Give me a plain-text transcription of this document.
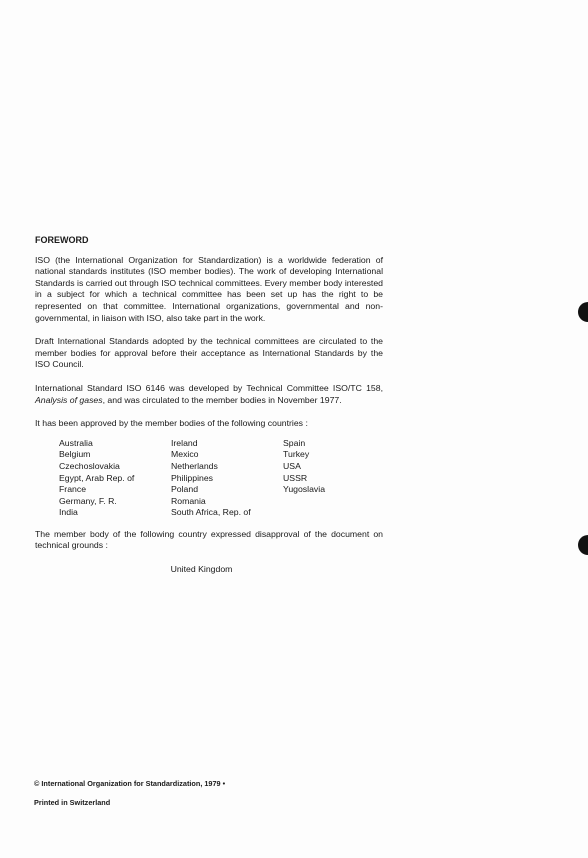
FOREWORD

ISO (the International Organization for Standardization) is a worldwide federation of national standards institutes (ISO member bodies). The work of developing International Standards is carried out through ISO technical committees. Every member body interested in a subject for which a technical committee has been set up has the right to be represented on that committee. International organizations, governmental and non-governmental, in liaison with ISO, also take part in the work.

Draft International Standards adopted by the technical committees are circulated to the member bodies for approval before their acceptance as International Standards by the ISO Council.

International Standard ISO 6146 was developed by Technical Committee ISO/TC 158, Analysis of gases, and was circulated to the member bodies in November 1977.

It has been approved by the member bodies of the following countries :

Australia
Belgium
Czechoslovakia
Egypt, Arab Rep. of
France
Germany, F. R.
India
Ireland
Mexico
Netherlands
Philippines
Poland
Romania
South Africa, Rep. of
Spain
Turkey
USA
USSR
Yugoslavia

The member body of the following country expressed disapproval of the document on technical grounds :

United Kingdom
© International Organization for Standardization, 1979 •
Printed in Switzerland
